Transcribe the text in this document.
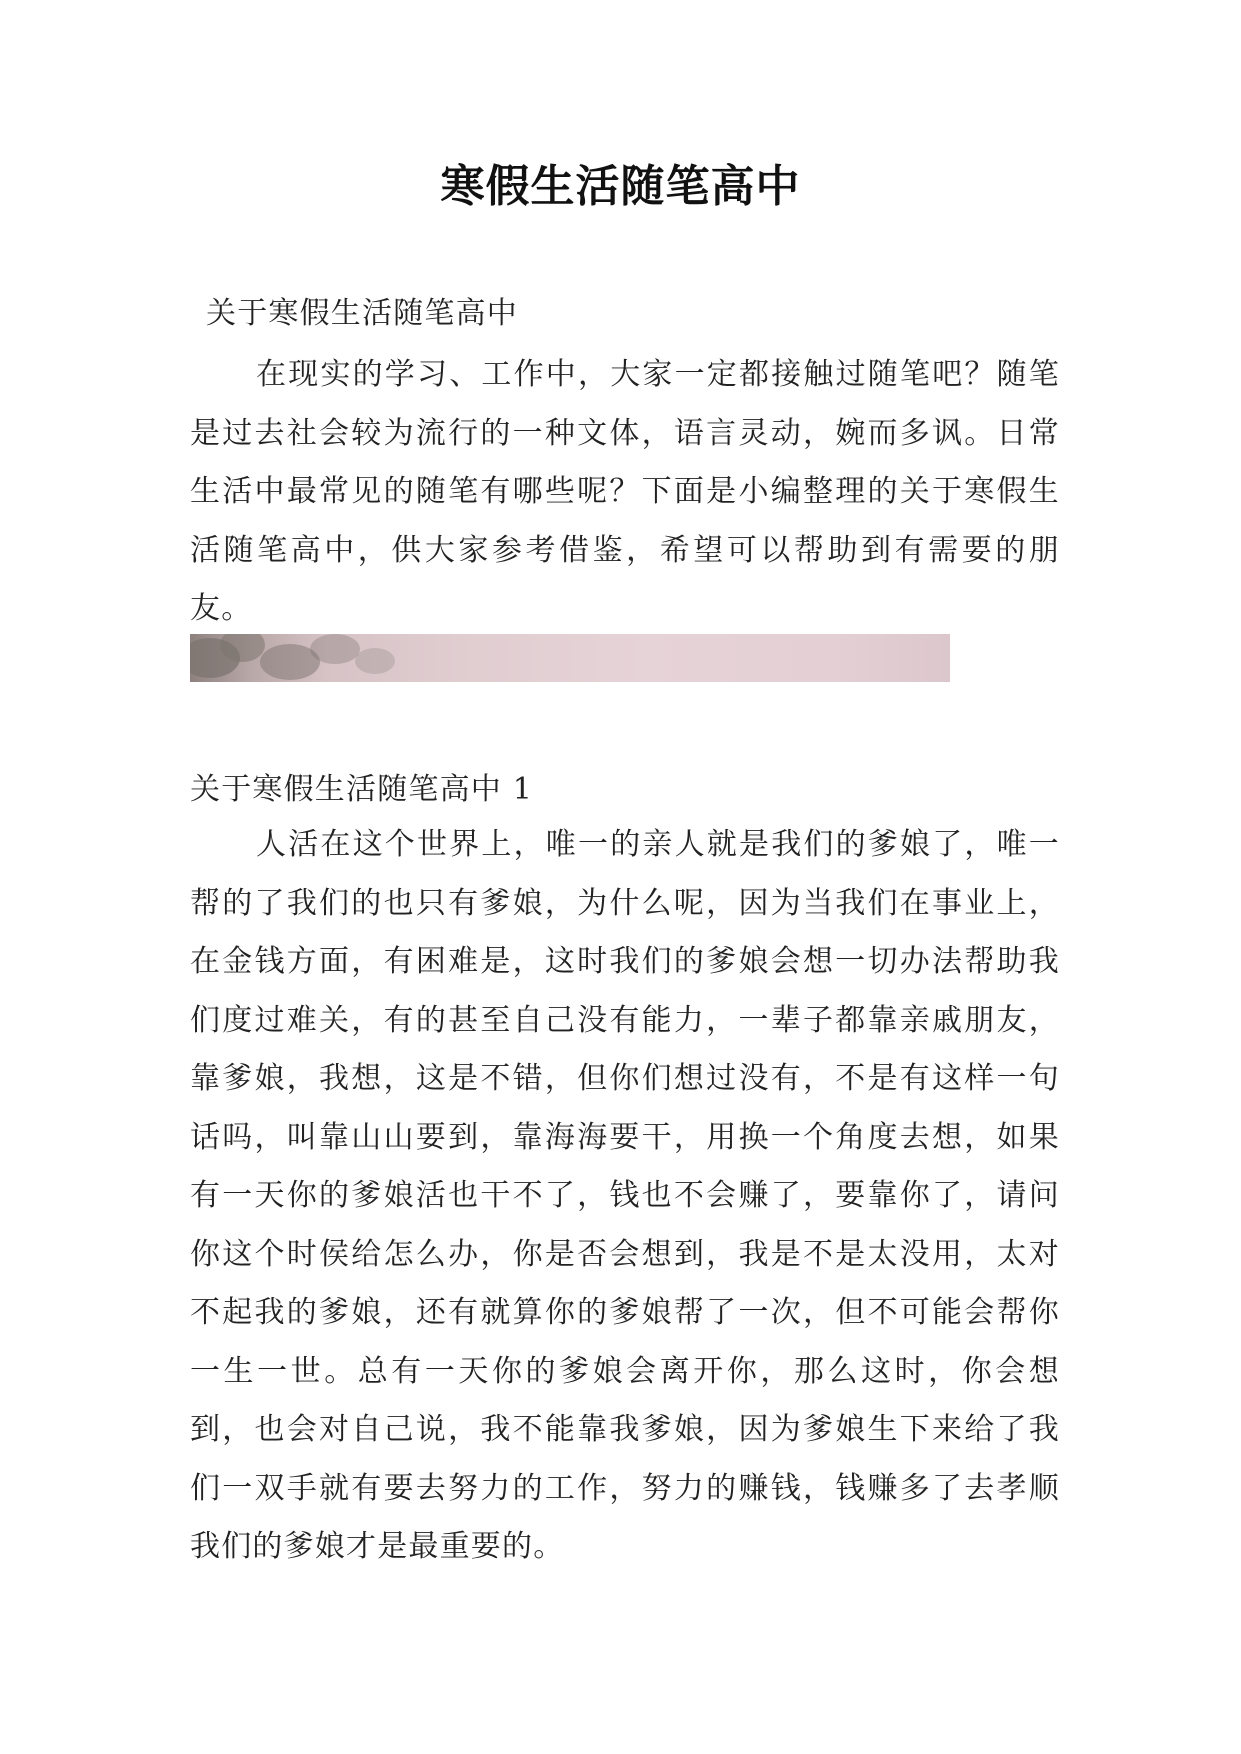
寒假生活随笔高中

关于寒假生活随笔高中

在现实的学习、工作中，大家一定都接触过随笔吧？随笔是过去社会较为流行的一种文体，语言灵动，婉而多讽。日常生活中最常见的随笔有哪些呢？下面是小编整理的关于寒假生活随笔高中，供大家参考借鉴，希望可以帮助到有需要的朋友。

关于寒假生活随笔高中 1

人活在这个世界上，唯一的亲人就是我们的爹娘了，唯一帮的了我们的也只有爹娘，为什么呢，因为当我们在事业上，在金钱方面，有困难是，这时我们的爹娘会想一切办法帮助我们度过难关，有的甚至自己没有能力，一辈子都靠亲戚朋友，靠爹娘，我想，这是不错，但你们想过没有，不是有这样一句话吗，叫靠山山要到，靠海海要干，用换一个角度去想，如果有一天你的爹娘活也干不了，钱也不会赚了，要靠你了，请问你这个时侯给怎么办，你是否会想到，我是不是太没用，太对不起我的爹娘，还有就算你的爹娘帮了一次，但不可能会帮你一生一世。总有一天你的爹娘会离开你，那么这时，你会想到，也会对自己说，我不能靠我爹娘，因为爹娘生下来给了我们一双手就有要去努力的工作，努力的赚钱，钱赚多了去孝顺我们的爹娘才是最重要的。
